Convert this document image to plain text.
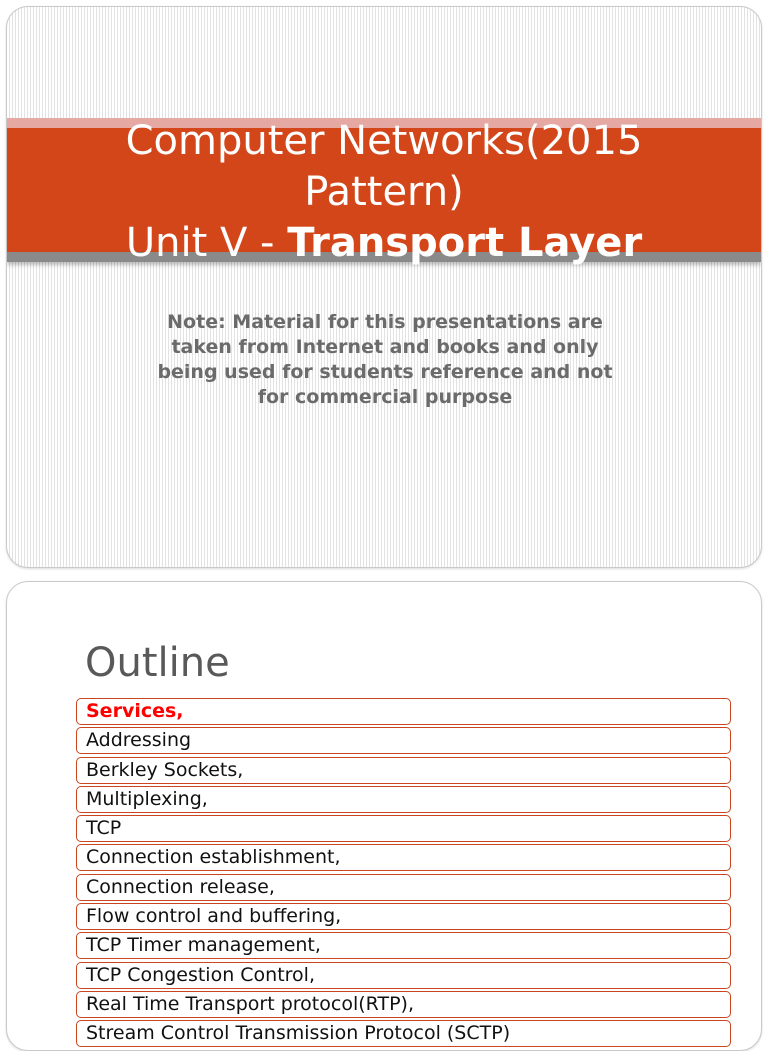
Computer Networks(2015
Pattern)
Unit V - Transport Layer
Note: Material for this presentations are
taken from Internet and books and only
being used for students reference and not
for commercial purpose
Outline
Services,
Addressing
Berkley Sockets,
Multiplexing,
TCP
Connection establishment,
Connection release,
Flow control and buffering,
TCP Timer management,
TCP Congestion Control,
Real Time Transport protocol(RTP),
Stream Control Transmission Protocol (SCTP)
